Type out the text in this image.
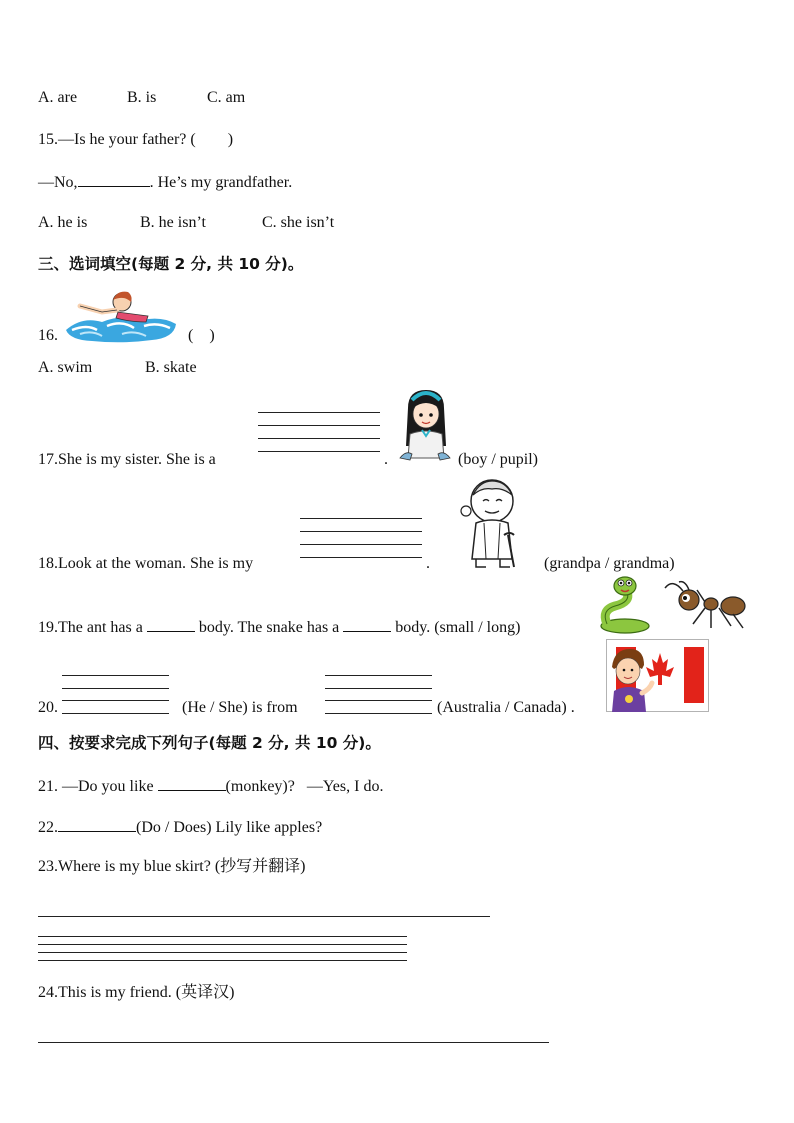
A. are	B. is	C. am
15.—Is he your father? (        )
—No,	. He’s my grandfather.
A. he is	B. he isn’t	C. she isn’t
三、选词填空(每题 2 分, 共 10 分)。
16.	(    )
A. swim	B. skate
17.She is my sister. She is a	.	(boy / pupil)
18.Look at the woman. She is my	.	(grandpa / grandma)
19.The ant has a	body. The snake has a	body. (small / long)
20.	(He / She) is from	(Australia / Canada) .
四、按要求完成下列句子(每题 2 分, 共 10 分)。
21. —Do you like	(monkey)?   —Yes, I do.
22.	(Do / Does) Lily like apples?
23.Where is my blue skirt? (抄写并翻译)
24.This is my friend. (英译汉)
